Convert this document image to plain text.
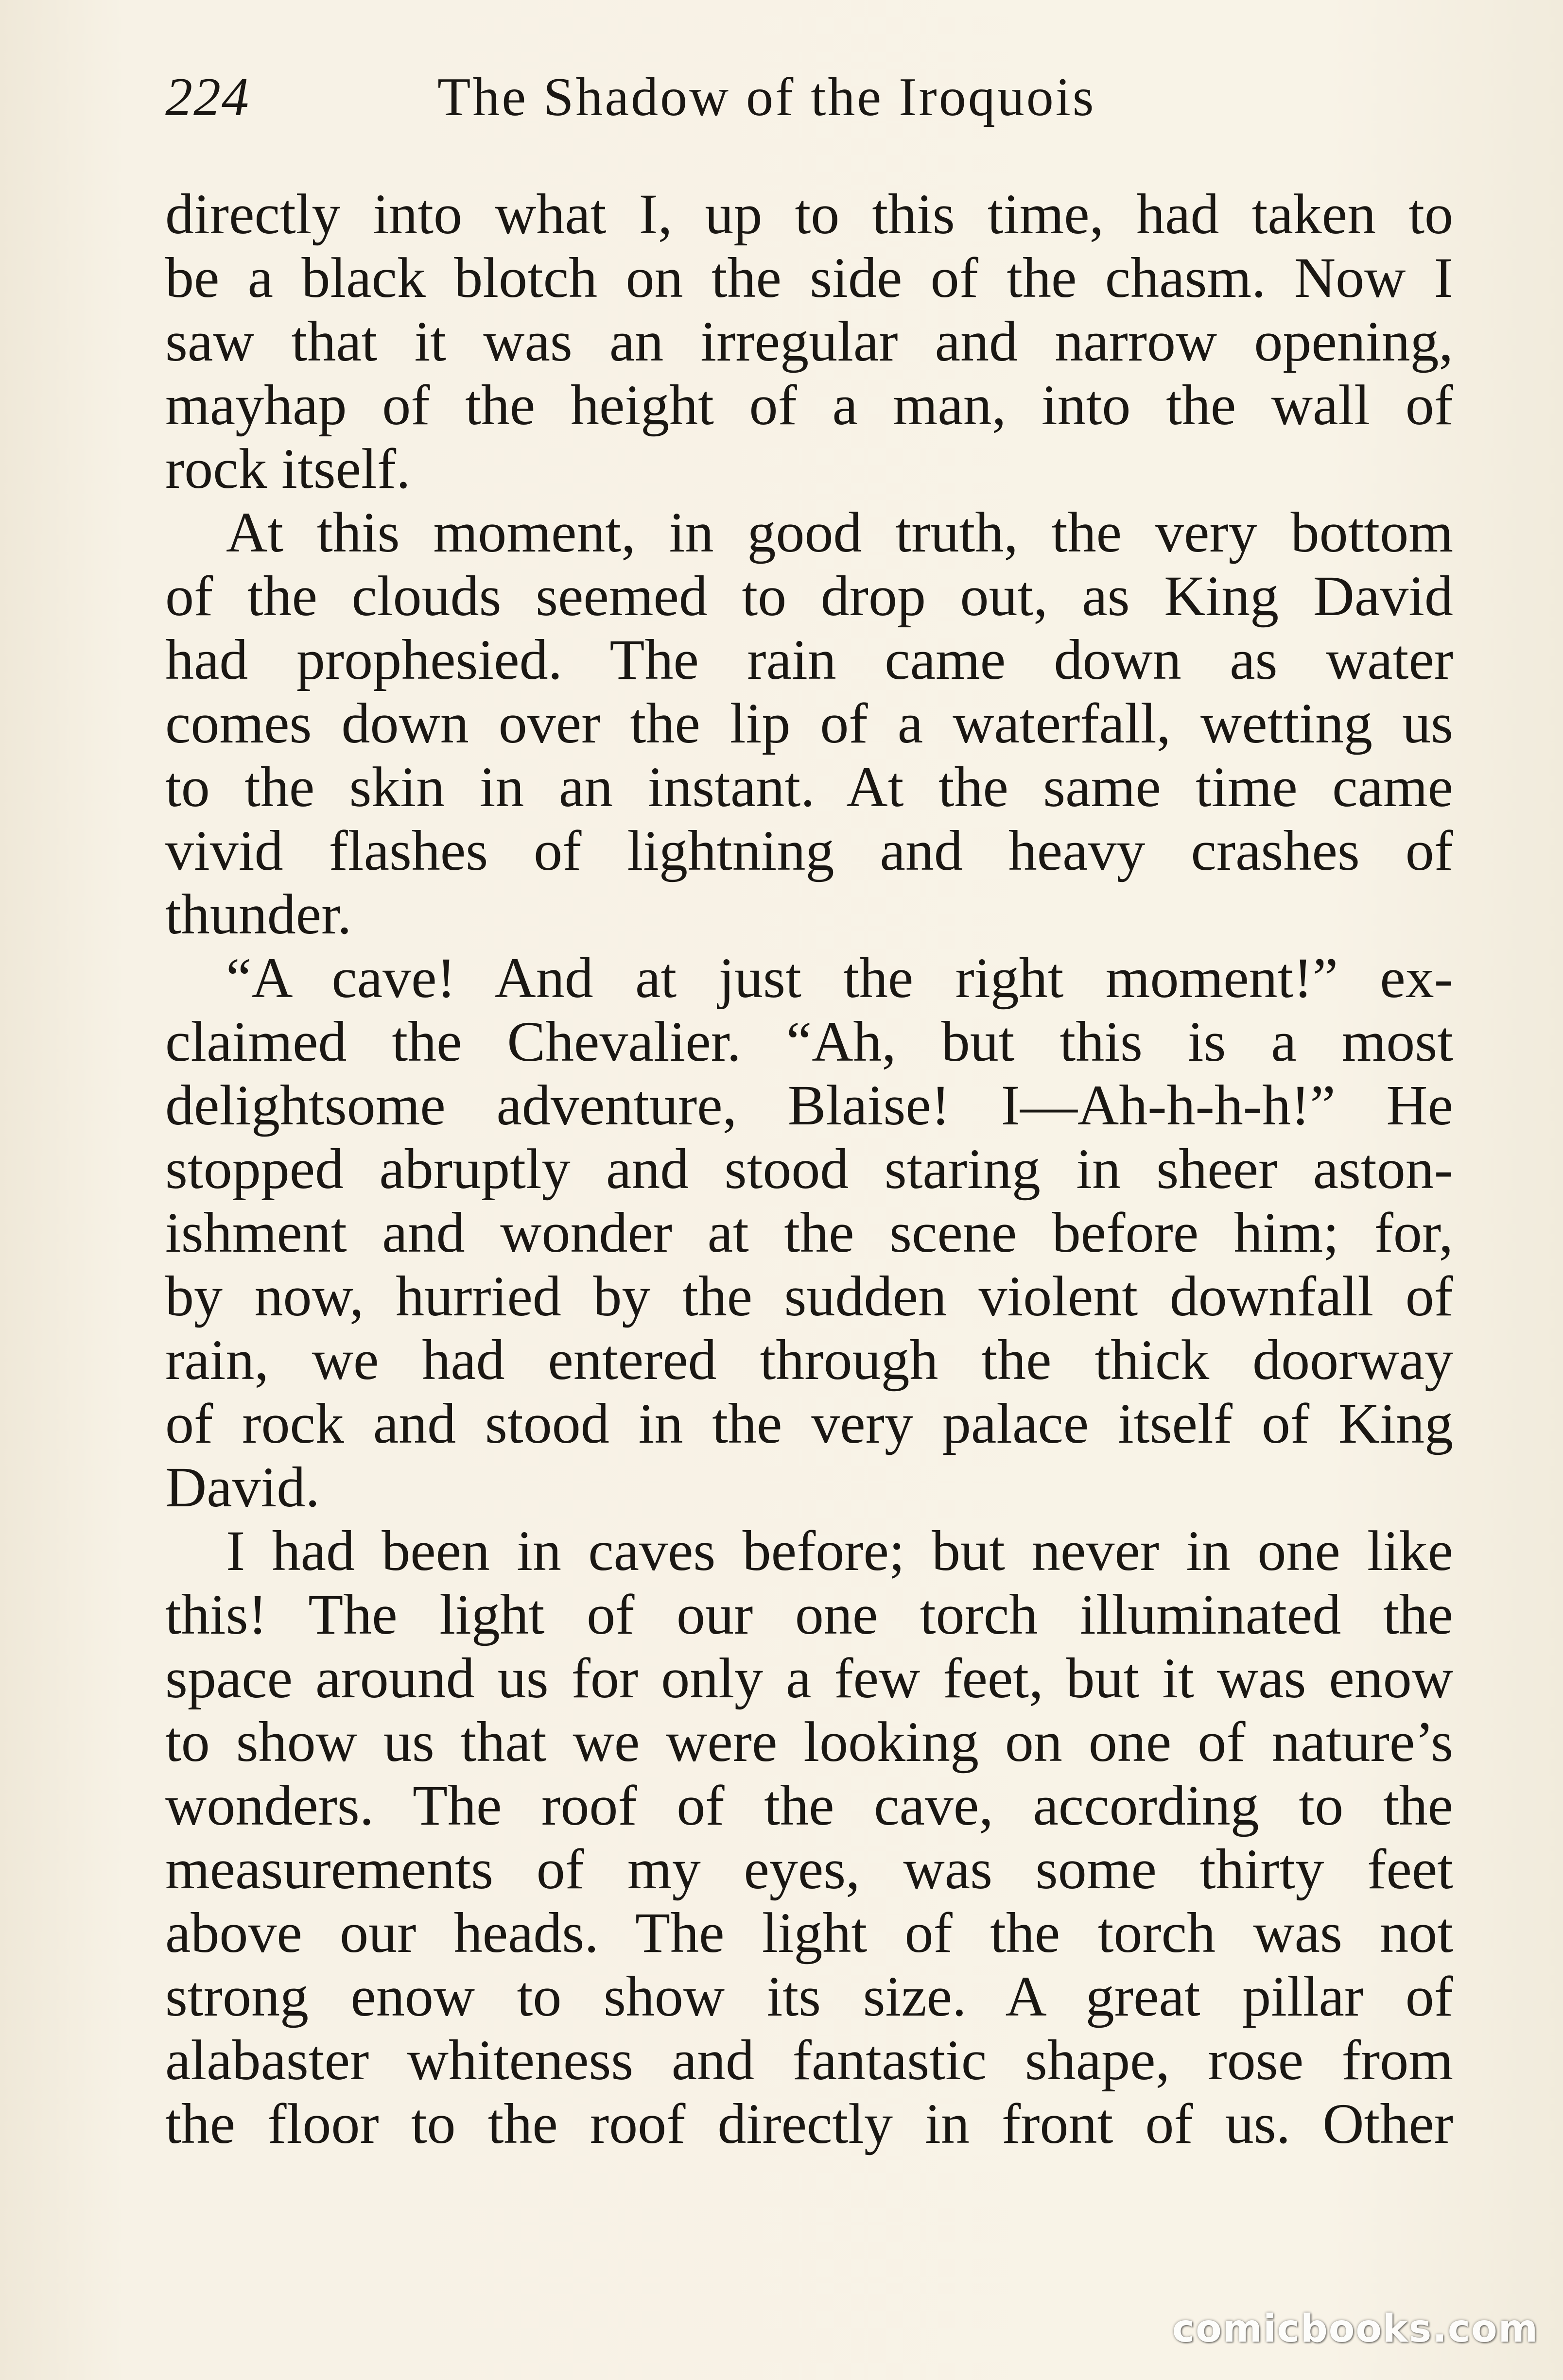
224	The Shadow of the Iroquois
directly into what I, up to this time, had taken to
be a black blotch on the side of the chasm. Now I
saw that it was an irregular and narrow opening,
mayhap of the height of a man, into the wall of
rock itself.
At this moment, in good truth, the very bottom
of the clouds seemed to drop out, as King David
had prophesied. The rain came down as water
comes down over the lip of a waterfall, wetting us
to the skin in an instant. At the same time came
vivid flashes of lightning and heavy crashes of
thunder.
“A cave! And at just the right moment!” ex-
claimed the Chevalier. “Ah, but this is a most
delightsome adventure, Blaise! I—Ah-h-h-h!” He
stopped abruptly and stood staring in sheer aston-
ishment and wonder at the scene before him; for,
by now, hurried by the sudden violent downfall of
rain, we had entered through the thick doorway
of rock and stood in the very palace itself of King
David.
I had been in caves before; but never in one like
this! The light of our one torch illuminated the
space around us for only a few feet, but it was enow
to show us that we were looking on one of nature’s
wonders. The roof of the cave, according to the
measurements of my eyes, was some thirty feet
above our heads. The light of the torch was not
strong enow to show its size. A great pillar of
alabaster whiteness and fantastic shape, rose from
the floor to the roof directly in front of us. Other
comicbooks.com
